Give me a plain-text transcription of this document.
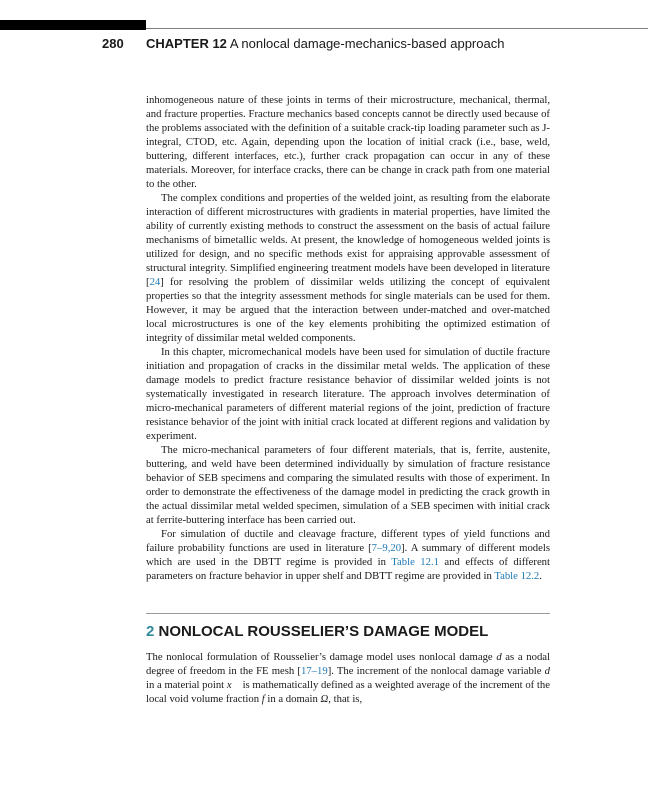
280 CHAPTER 12 A nonlocal damage-mechanics-based approach

inhomogeneous nature of these joints in terms of their microstructure, mechanical, thermal, and fracture properties. Fracture mechanics based concepts cannot be directly used because of the problems associated with the definition of a suitable crack-tip loading parameter such as J-integral, CTOD, etc. Again, depending upon the location of initial crack (i.e., base, weld, buttering, different interfaces, etc.), further crack propagation can occur in any of these materials. Moreover, for interface cracks, there can be change in crack path from one material to the other.

The complex conditions and properties of the welded joint, as resulting from the elaborate interaction of different microstructures with gradients in material properties, have limited the ability of currently existing methods to construct the assessment on the basis of actual failure mechanisms of bimetallic welds. At present, the knowledge of homogeneous welded joints is utilized for design, and no specific methods exist for appraising approvable assessment of structural integrity. Simplified engineering treatment models have been developed in literature [24] for resolving the problem of dissimilar welds utilizing the concept of equivalent properties so that the integrity assessment methods for single materials can be used for them. However, it may be argued that the interaction between under-matched and over-matched local microstructures is one of the key elements prohibiting the optimized estimation of integrity of dissimilar metal welded components.

In this chapter, micromechanical models have been used for simulation of ductile fracture initiation and propagation of cracks in the dissimilar metal welds. The application of these damage models to predict fracture resistance behavior of dissimilar welded joints is not systematically investigated in research literature. The approach involves determination of micro-mechanical parameters of different material regions of the joint, prediction of fracture resistance behavior of the joint with initial crack located at different regions and validation by experiment.

The micro-mechanical parameters of four different materials, that is, ferrite, austenite, buttering, and weld have been determined individually by simulation of fracture resistance behavior of SEB specimens and comparing the simulated results with those of experiment. In order to demonstrate the effectiveness of the damage model in predicting the crack growth in the actual dissimilar metal welded specimen, simulation of a SEB specimen with initial crack at ferrite-buttering interface has been carried out.

For simulation of ductile and cleavage fracture, different types of yield functions and failure probability functions are used in literature [7–9,20]. A summary of different models which are used in the DBTT regime is provided in Table 12.1 and effects of different parameters on fracture behavior in upper shelf and DBTT regime are provided in Table 12.2.

2 NONLOCAL ROUSSELIER’S DAMAGE MODEL

The nonlocal formulation of Rousselier’s damage model uses nonlocal damage d as a nodal degree of freedom in the FE mesh [17–19]. The increment of the nonlocal damage variable d in a material point x⃗ is mathematically defined as a weighted average of the increment of the local void volume fraction f in a domain Ω, that is,
